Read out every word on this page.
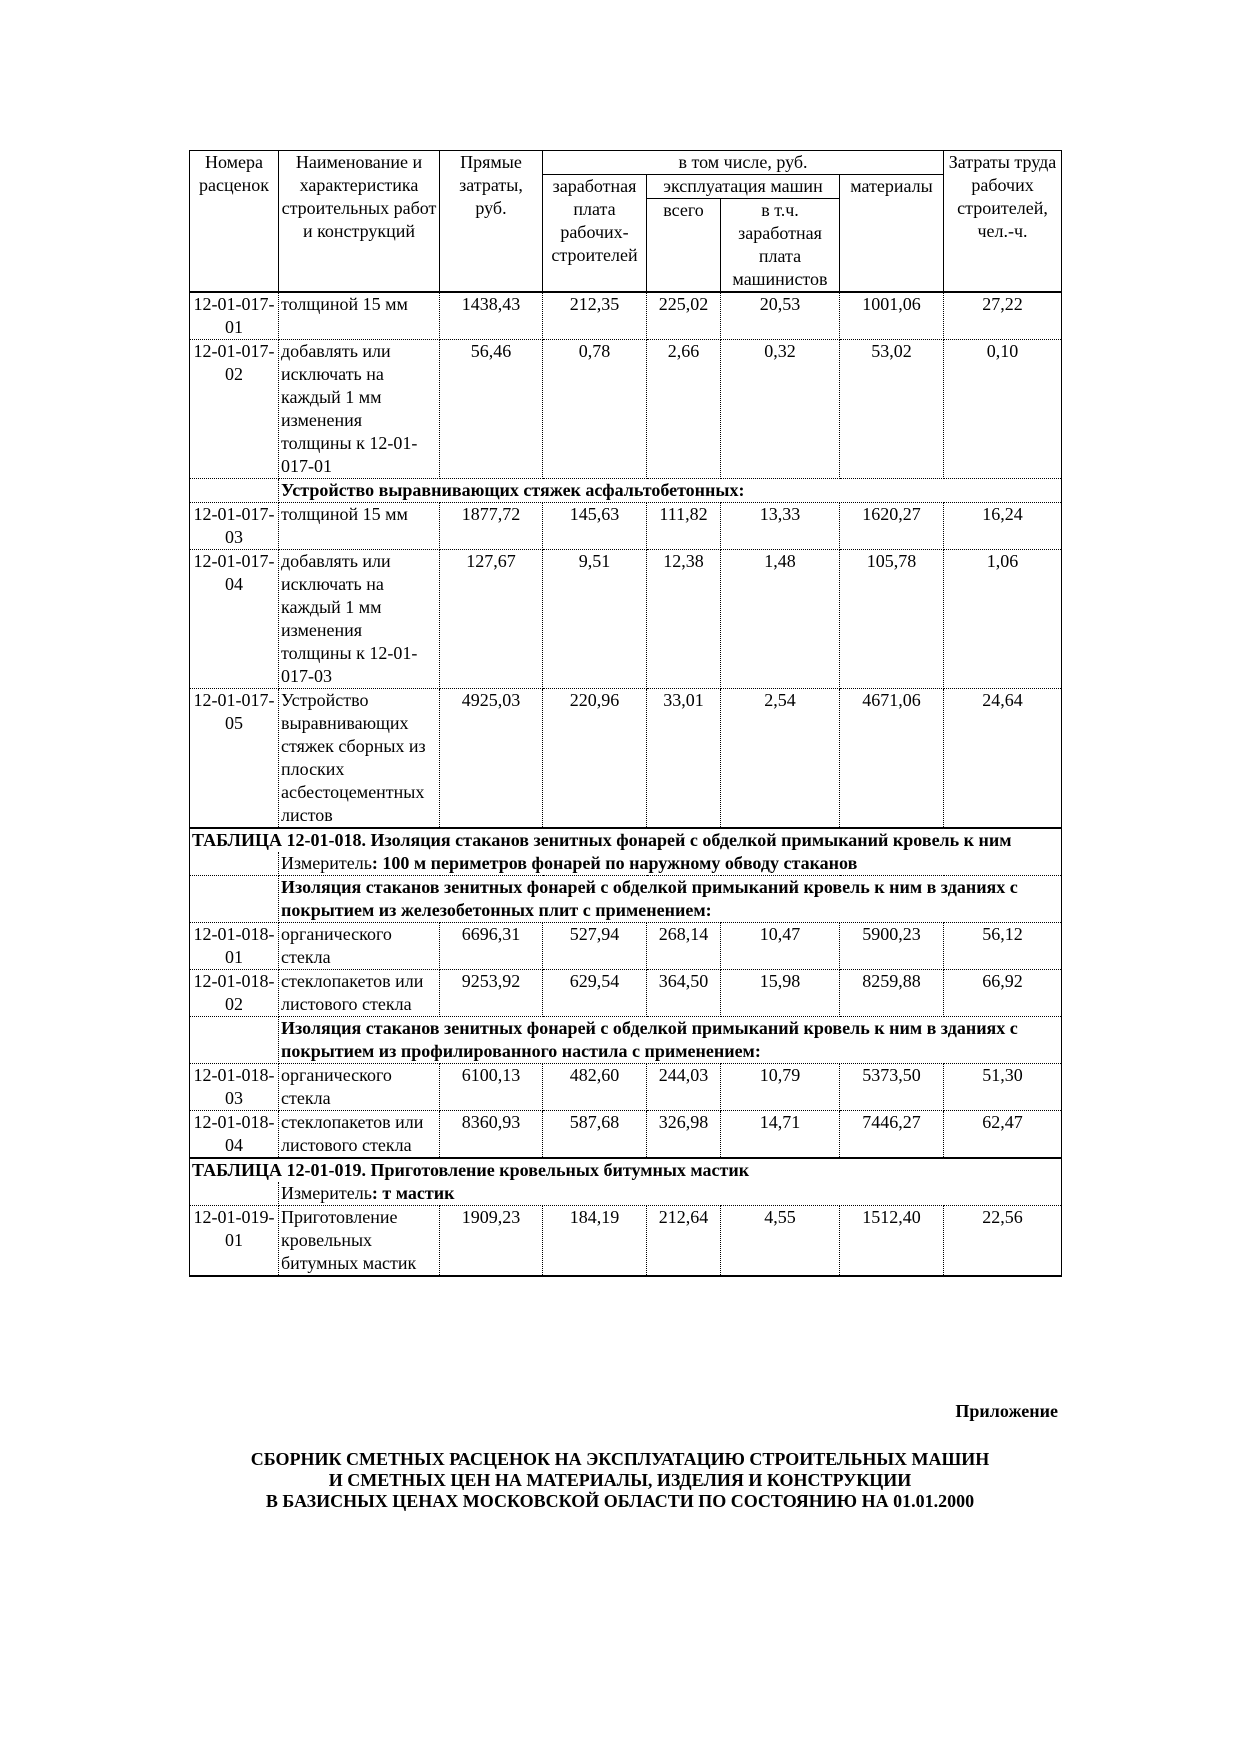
Номера расценок	Наименование и характеристика строительных работ и конструкций	Прямые затраты, руб.	в том числе, руб.				Затраты труда рабочих строителей, чел.-ч.
			заработная плата рабочих-строителей	эксплуатация машин		материалы	
				всего	в т.ч. заработная плата машинистов		
12-01-017-01	толщиной 15 мм	1438,43	212,35	225,02	20,53	1001,06	27,22
12-01-017-02	добавлять или исключать на каждый 1 мм изменения толщины к 12-01-017-01	56,46	0,78	2,66	0,32	53,02	0,10
	Устройство выравнивающих стяжек асфальтобетонных:						
12-01-017-03	толщиной 15 мм	1877,72	145,63	111,82	13,33	1620,27	16,24
12-01-017-04	добавлять или исключать на каждый 1 мм изменения толщины к 12-01-017-03	127,67	9,51	12,38	1,48	105,78	1,06
12-01-017-05	Устройство выравнивающих стяжек сборных из плоских асбестоцементных листов	4925,03	220,96	33,01	2,54	4671,06	24,64
ТАБЛИЦА 12-01-018. Изоляция стаканов зенитных фонарей с обделкой примыканий кровель к ним							
	Измеритель: 100 м периметров фонарей по наружному обводу стаканов						
	Изоляция стаканов зенитных фонарей с обделкой примыканий кровель к ним в зданиях с покрытием из железобетонных плит с применением:						
12-01-018-01	органического стекла	6696,31	527,94	268,14	10,47	5900,23	56,12
12-01-018-02	стеклопакетов или листового стекла	9253,92	629,54	364,50	15,98	8259,88	66,92
	Изоляция стаканов зенитных фонарей с обделкой примыканий кровель к ним в зданиях с покрытием из профилированного настила с применением:						
12-01-018-03	органического стекла	6100,13	482,60	244,03	10,79	5373,50	51,30
12-01-018-04	стеклопакетов или листового стекла	8360,93	587,68	326,98	14,71	7446,27	62,47
ТАБЛИЦА 12-01-019. Приготовление кровельных битумных мастик							
	Измеритель: т мастик						
12-01-019-01	Приготовление кровельных битумных мастик	1909,23	184,19	212,64	4,55	1512,40	22,56
Приложение
СБОРНИК СМЕТНЫХ РАСЦЕНОК НА ЭКСПЛУАТАЦИЮ СТРОИТЕЛЬНЫХ МАШИН
И СМЕТНЫХ ЦЕН НА МАТЕРИАЛЫ, ИЗДЕЛИЯ И КОНСТРУКЦИИ
В БАЗИСНЫХ ЦЕНАХ МОСКОВСКОЙ ОБЛАСТИ ПО СОСТОЯНИЮ НА 01.01.2000
